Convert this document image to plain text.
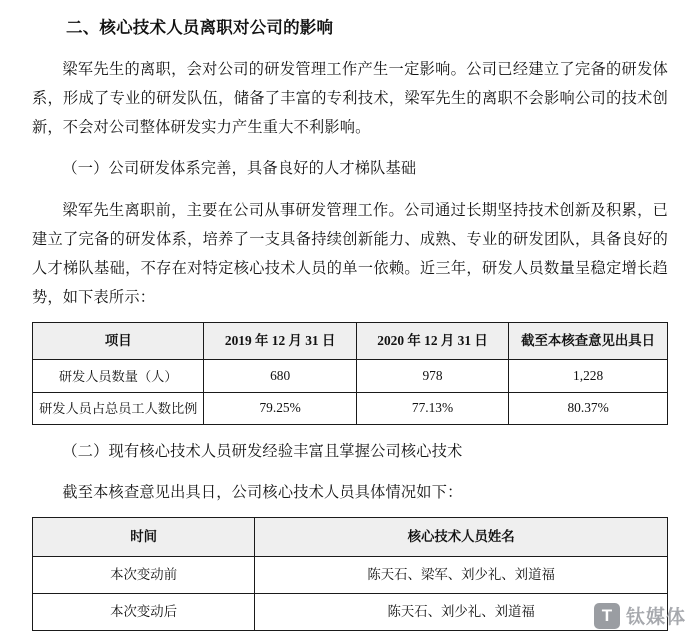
二、核心技术人员离职对公司的影响

梁军先生的离职，会对公司的研发管理工作产生一定影响。公司已经建立了完备的研发体系，形成了专业的研发队伍，储备了丰富的专利技术，梁军先生的离职不会影响公司的技术创新，不会对公司整体研发实力产生重大不利影响。

（一）公司研发体系完善，具备良好的人才梯队基础

梁军先生离职前，主要在公司从事研发管理工作。公司通过长期坚持技术创新及积累，已建立了完备的研发体系，培养了一支具备持续创新能力、成熟、专业的研发团队，具备良好的人才梯队基础，不存在对特定核心技术人员的单一依赖。近三年，研发人员数量呈稳定增长趋势，如下表所示：

项目	2019 年 12 月 31 日	2020 年 12 月 31 日	截至本核查意见出具日
研发人员数量（人）	680	978	1,228
研发人员占总员工人数比例	79.25%	77.13%	80.37%

（二）现有核心技术人员研发经验丰富且掌握公司核心技术

截至本核查意见出具日，公司核心技术人员具体情况如下：

时间	核心技术人员姓名
本次变动前	陈天石、梁军、刘少礼、刘道福
本次变动后	陈天石、刘少礼、刘道福	T 钛媒体
